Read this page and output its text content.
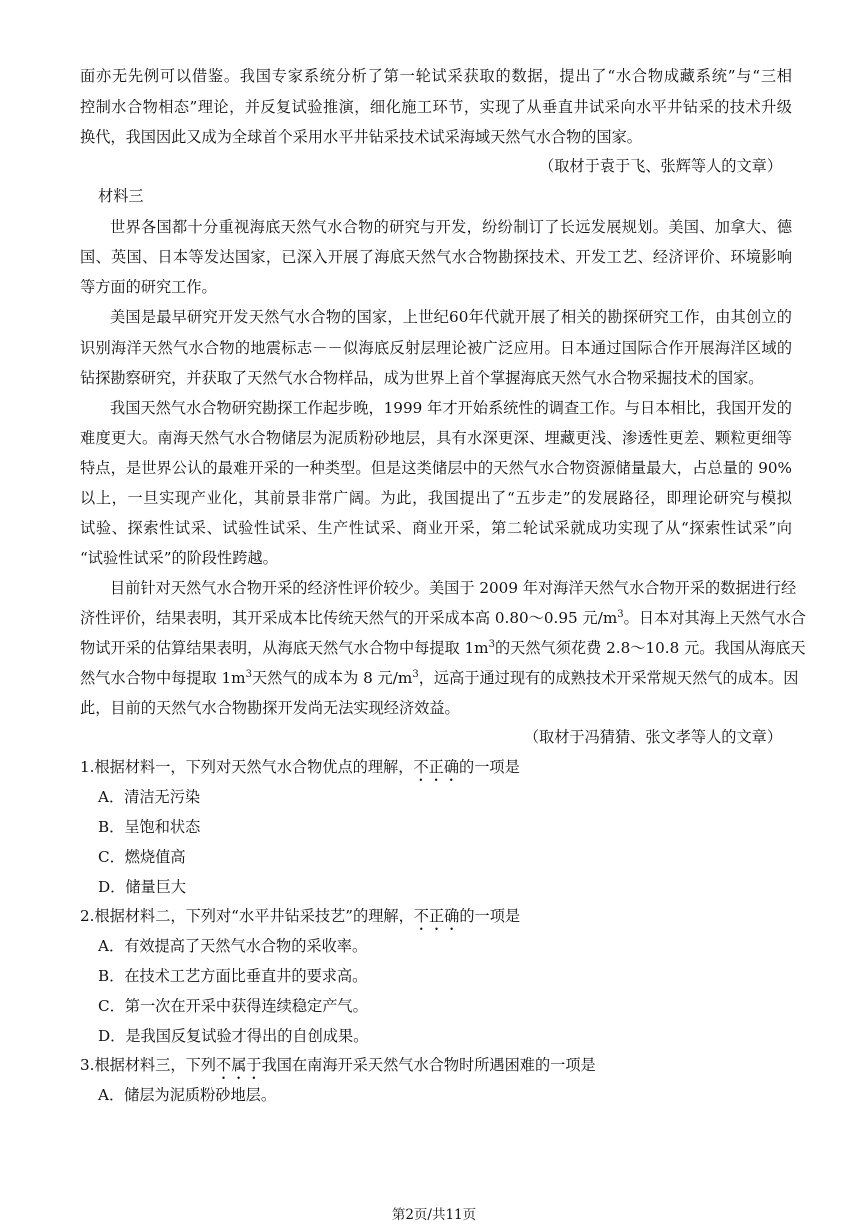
面亦无先例可以借鉴。我国专家系统分析了第一轮试采获取的数据，提出了“水合物成藏系统”与“三相
控制水合物相态”理论，并反复试验推演，细化施工环节，实现了从垂直井试采向水平井钻采的技术升级
换代，我国因此又成为全球首个采用水平井钻采技术试采海域天然气水合物的国家。
（取材于袁于飞、张辉等人的文章）
材料三
世界各国都十分重视海底天然气水合物的研究与开发，纷纷制订了长远发展规划。美国、加拿大、德
国、英国、日本等发达国家，已深入开展了海底天然气水合物勘探技术、开发工艺、经济评价、环境影响
等方面的研究工作。
美国是最早研究开发天然气水合物的国家，上世纪60年代就开展了相关的勘探研究工作，由其创立的
识别海洋天然气水合物的地震标志－－似海底反射层理论被广泛应用。日本通过国际合作开展海洋区域的
钻探勘察研究，并获取了天然气水合物样品，成为世界上首个掌握海底天然气水合物采掘技术的国家。
我国天然气水合物研究勘探工作起步晚，1999 年才开始系统性的调查工作。与日本相比，我国开发的
难度更大。南海天然气水合物储层为泥质粉砂地层，具有水深更深、埋藏更浅、渗透性更差、颗粒更细等
特点，是世界公认的最难开采的一种类型。但是这类储层中的天然气水合物资源储量最大，占总量的 90%
以上，一旦实现产业化，其前景非常广阔。为此，我国提出了“五步走”的发展路径，即理论研究与模拟
试验、探索性试采、试验性试采、生产性试采、商业开采，第二轮试采就成功实现了从“探索性试采”向
“试验性试采”的阶段性跨越。
目前针对天然气水合物开采的经济性评价较少。美国于 2009 年对海洋天然气水合物开采的数据进行经
济性评价，结果表明，其开采成本比传统天然气的开采成本高 0.80～0.95 元$/m^3$。日本对其海上天然气水合
物试开采的估算结果表明，从海底天然气水合物中每提取 $1m^3$的天然气须花费 2.8～10.8 元。我国从海底天
然气水合物中每提取 $1m^3$天然气的成本为 8 元$/m^3$，远高于通过现有的成熟技术开采常规天然气的成本。因
此，目前的天然气水合物勘探开发尚无法实现经济效益。
（取材于冯猜猜、张文孝等人的文章）
1.根据材料一，下列对天然气水合物优点的理解，不正确的一项是
A．清洁无污染
B．呈饱和状态
C．燃烧值高
D．储量巨大
2.根据材料二，下列对“水平井钻采技艺”的理解，不正确的一项是
A．有效提高了天然气水合物的采收率。
B．在技术工艺方面比垂直井的要求高。
C．第一次在开采中获得连续稳定产气。
D．是我国反复试验才得出的自创成果。
3.根据材料三，下列不属于我国在南海开采天然气水合物时所遇困难的一项是
A．储层为泥质粉砂地层。
第2页/共11页
